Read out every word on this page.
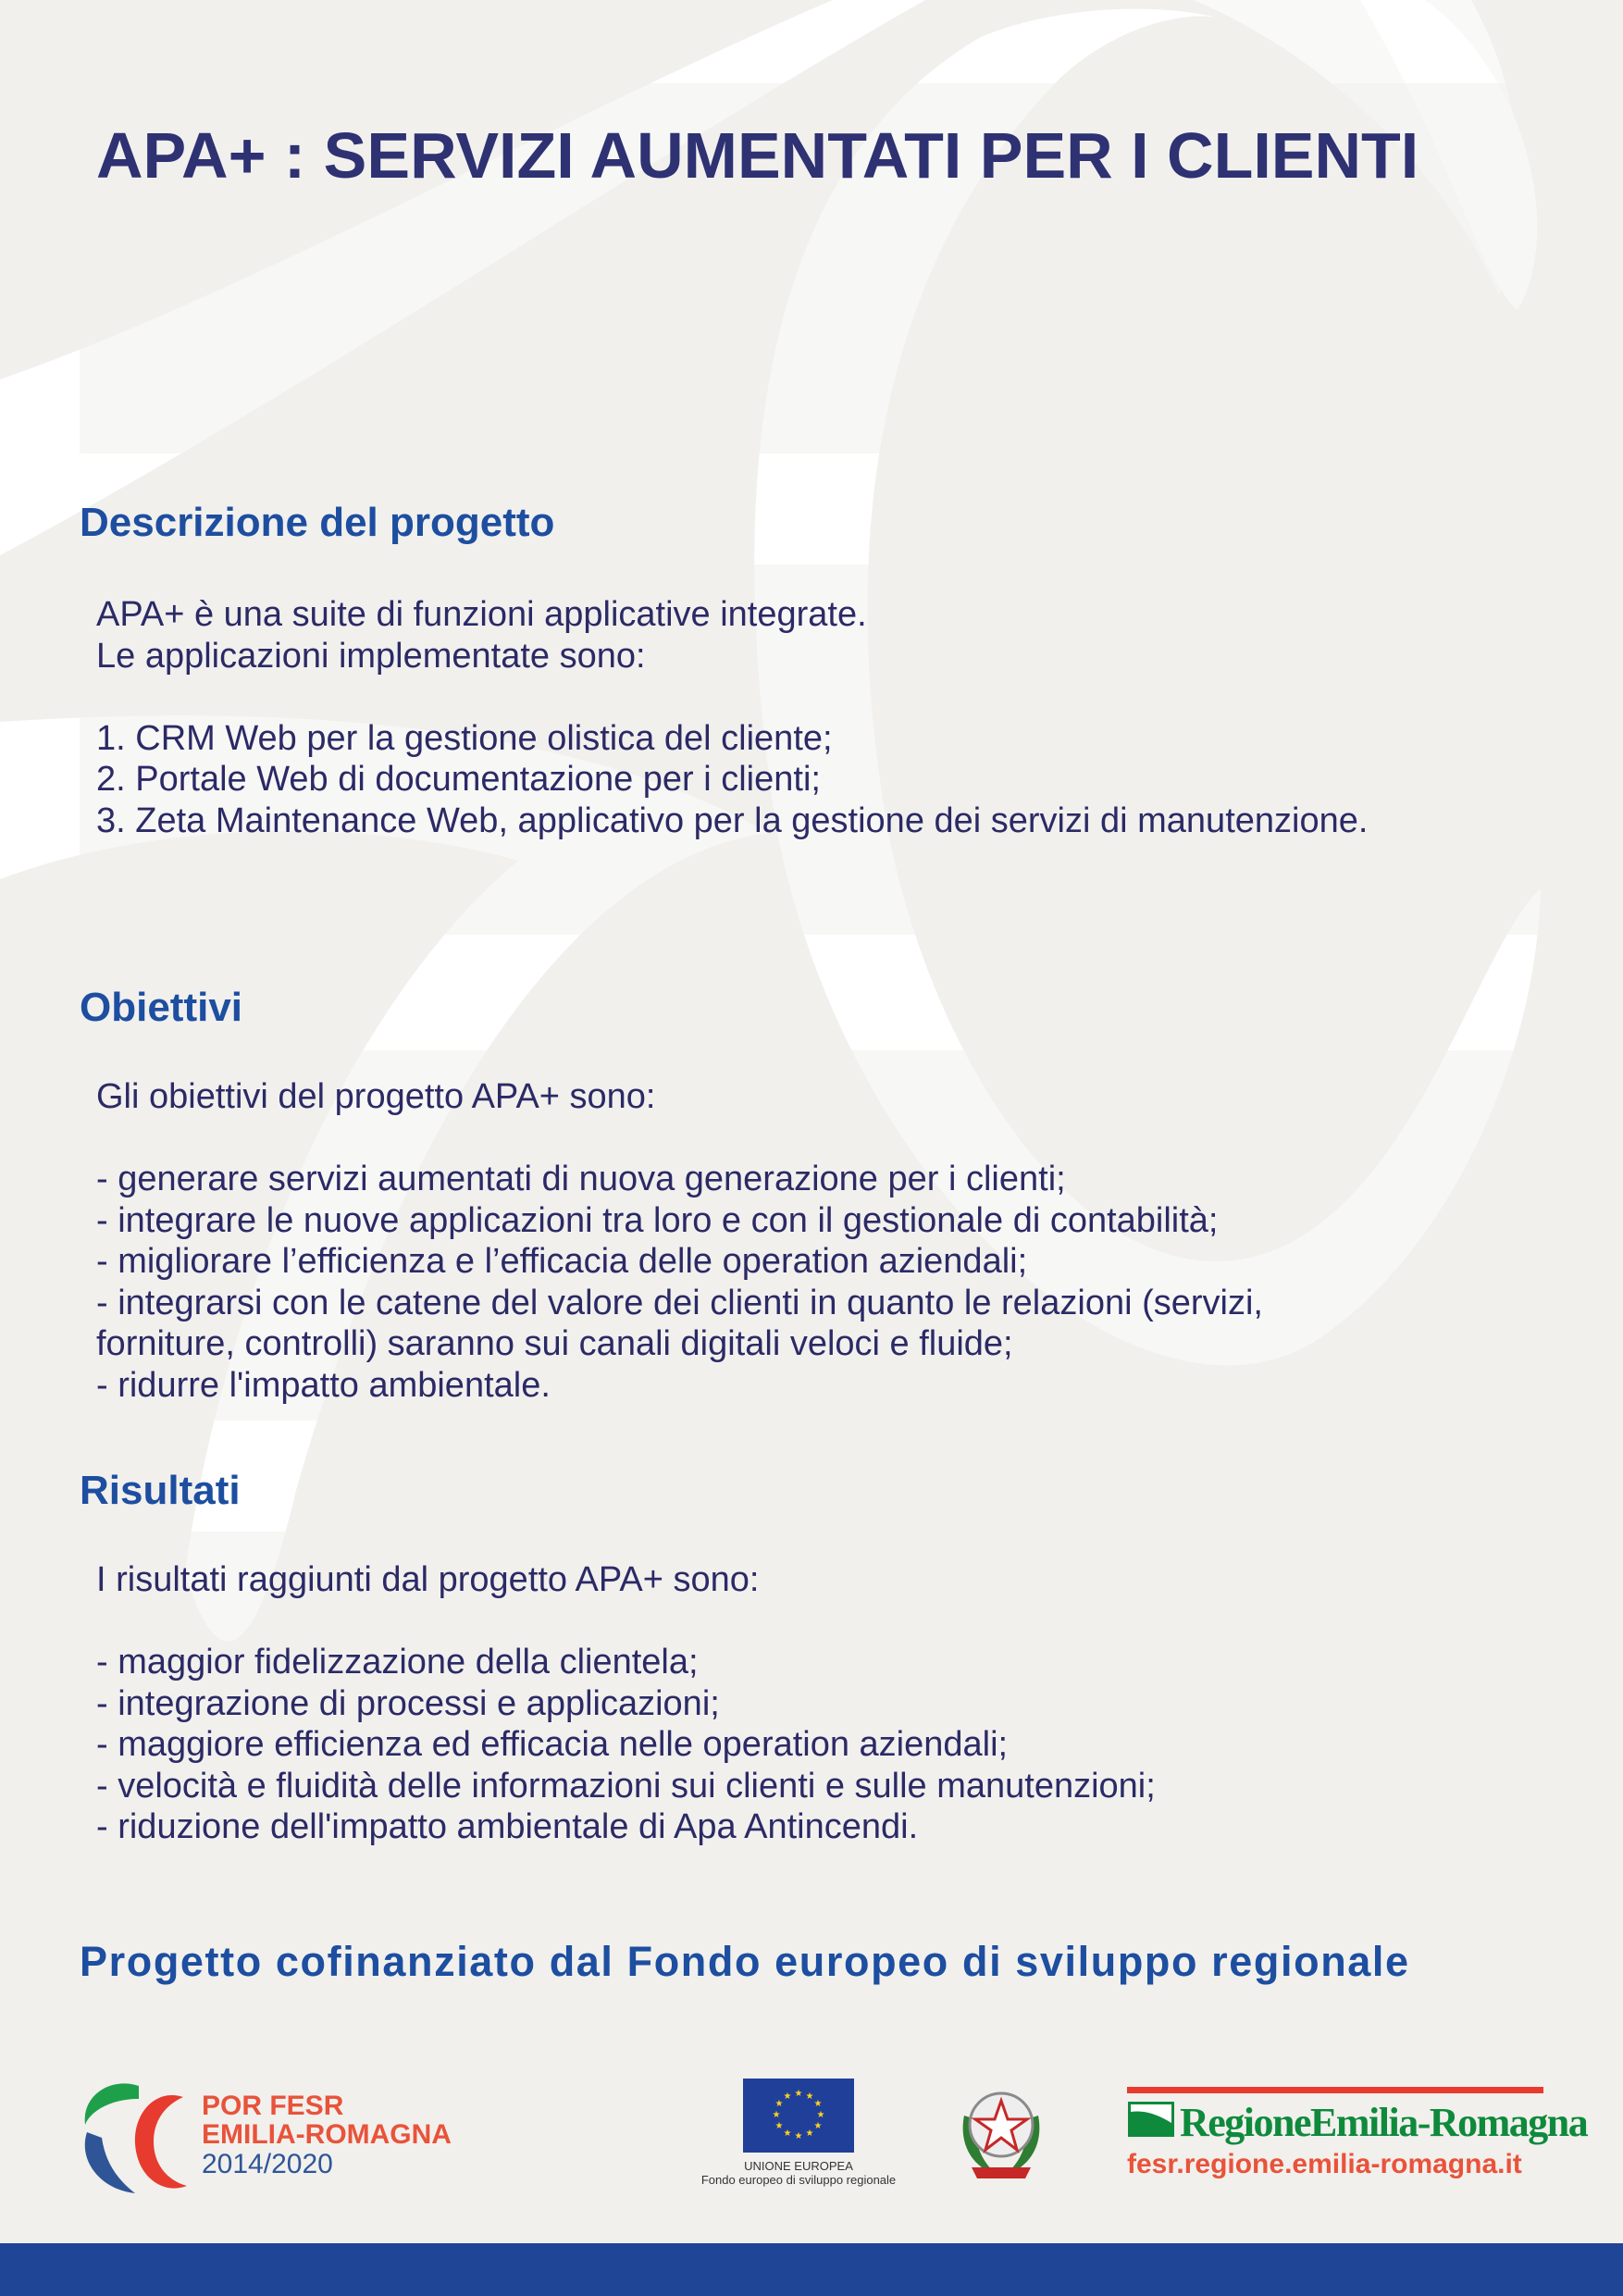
APA+ : SERVIZI AUMENTATI PER I CLIENTI
Descrizione del progetto

APA+ è una suite di funzioni applicative integrate.

Le applicazioni implementate sono:

1. CRM Web per la gestione olistica del cliente;

2. Portale Web di documentazione per i clienti;

3. Zeta Maintenance Web, applicativo per la gestione dei servizi di manutenzione.

Obiettivi

Gli obiettivi del progetto APA+ sono:

- generare servizi aumentati di nuova generazione per i clienti;

- integrare le nuove applicazioni tra loro e con il gestionale di contabilità;

- migliorare l’efficienza e l’efficacia delle operation aziendali;

- integrarsi con le catene del valore dei clienti in quanto le relazioni (servizi,

forniture, controlli) saranno sui canali digitali veloci e fluide;

- ridurre l'impatto ambientale.

Risultati

I risultati raggiunti dal progetto APA+ sono:

- maggior fidelizzazione della clientela;

- integrazione di processi e applicazioni;

- maggiore efficienza ed efficacia nelle operation aziendali;

- velocità e fluidità delle informazioni sui clienti e sulle manutenzioni;

- riduzione dell'impatto ambientale di Apa Antincendi.

Progetto cofinanziato dal Fondo europeo di sviluppo regionale
POR FESR
EMILIA-ROMAGNA
2014/2020
★ ★
★
★
★
★
★
★
★
★
★
★
UNIONE EUROPEA
Fondo europeo di sviluppo regionale
RegioneEmilia-Romagna
fesr.regione.emilia-romagna.it
